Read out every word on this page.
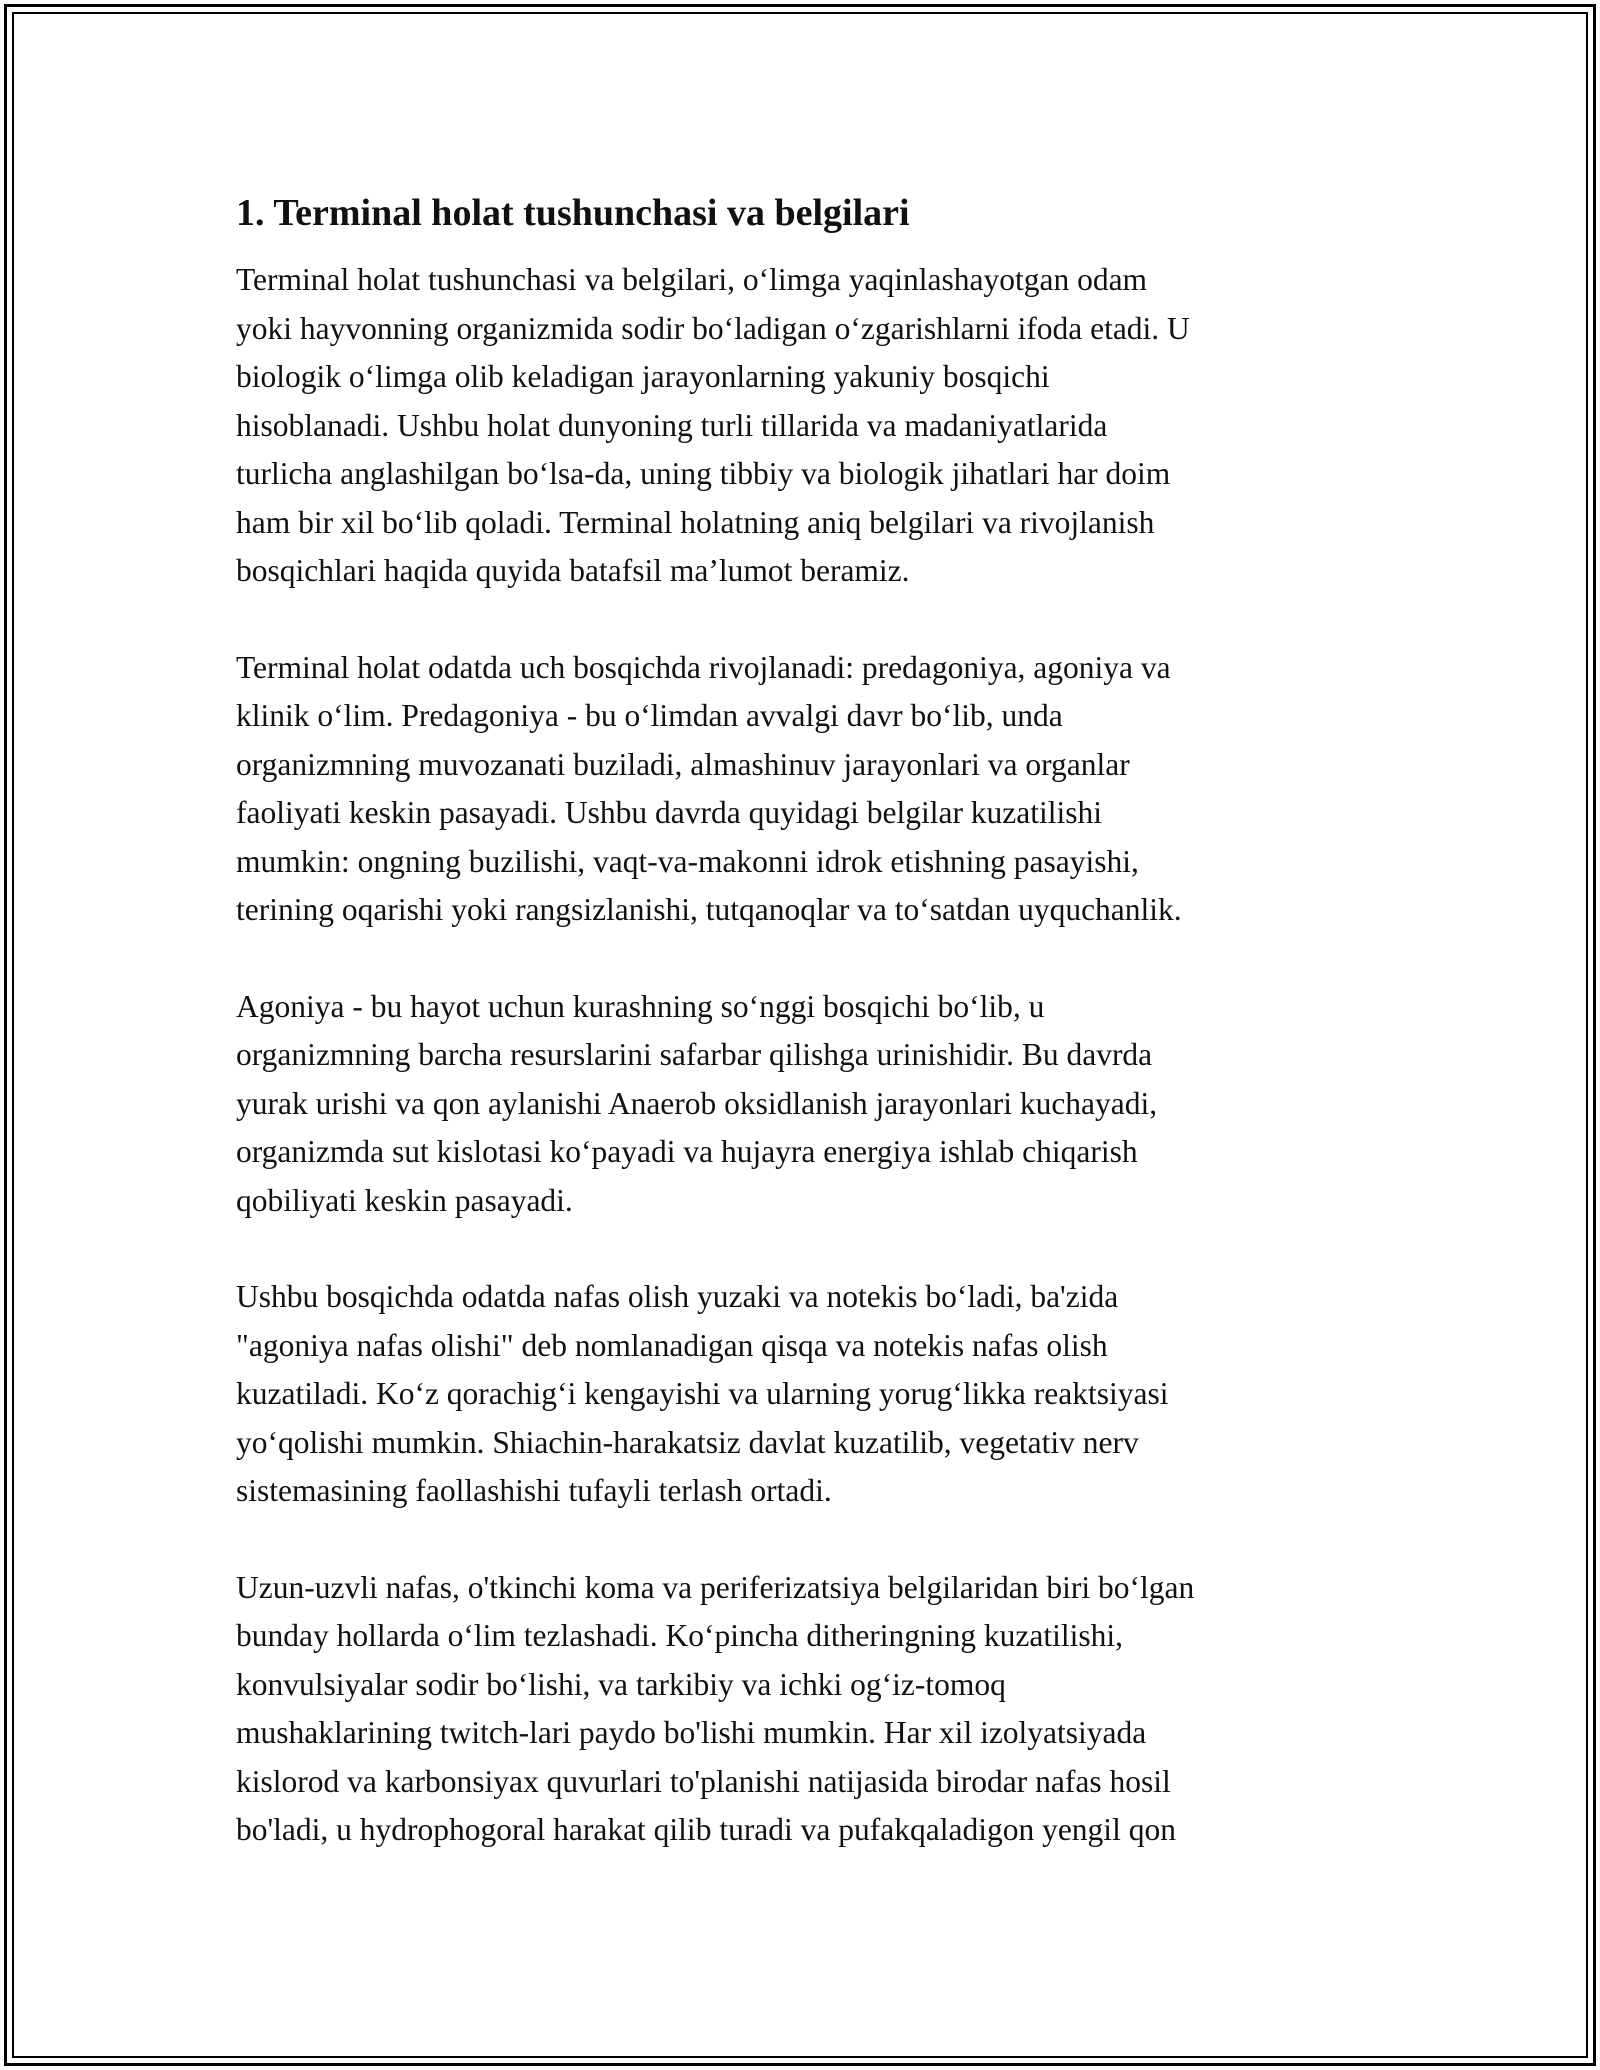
1. Terminal holat tushunchasi va belgilari
Terminal holat tushunchasi va belgilari, oʻlimga yaqinlashayotgan odam
yoki hayvonning organizmida sodir boʻladigan oʻzgarishlarni ifoda etadi. U
biologik oʻlimga olib keladigan jarayonlarning yakuniy bosqichi
hisoblanadi. Ushbu holat dunyoning turli tillarida va madaniyatlarida
turlicha anglashilgan boʻlsa-da, uning tibbiy va biologik jihatlari har doim
ham bir xil boʻlib qoladi. Terminal holatning aniq belgilari va rivojlanish
bosqichlari haqida quyida batafsil maʼlumot beramiz.
Terminal holat odatda uch bosqichda rivojlanadi: predagoniya, agoniya va
klinik oʻlim. Predagoniya - bu oʻlimdan avvalgi davr boʻlib, unda
organizmning muvozanati buziladi, almashinuv jarayonlari va organlar
faoliyati keskin pasayadi. Ushbu davrda quyidagi belgilar kuzatilishi
mumkin: ongning buzilishi, vaqt-va-makonni idrok etishning pasayishi,
terining oqarishi yoki rangsizlanishi, tutqanoqlar va toʻsatdan uyquchanlik.
Agoniya - bu hayot uchun kurashning soʻnggi bosqichi boʻlib, u
organizmning barcha resurslarini safarbar qilishga urinishidir. Bu davrda
yurak urishi va qon aylanishi Anaerob oksidlanish jarayonlari kuchayadi,
organizmda sut kislotasi koʻpayadi va hujayra energiya ishlab chiqarish
qobiliyati keskin pasayadi.
Ushbu bosqichda odatda nafas olish yuzaki va notekis boʻladi, ba'zida
"agoniya nafas olishi" deb nomlanadigan qisqa va notekis nafas olish
kuzatiladi. Koʻz qorachigʻi kengayishi va ularning yorugʻlikka reaktsiyasi
yoʻqolishi mumkin. Shiachin-harakatsiz davlat kuzatilib, vegetativ nerv
sistemasining faollashishi tufayli terlash ortadi.
Uzun-uzvli nafas, o'tkinchi koma va periferizatsiya belgilaridan biri boʻlgan
bunday hollarda oʻlim tezlashadi. Koʻpincha ditheringning kuzatilishi,
konvulsiyalar sodir boʻlishi, va tarkibiy va ichki ogʻiz-tomoq
mushaklarining twitch-lari paydo bo'lishi mumkin. Har xil izolyatsiyada
kislorod va karbonsiyax quvurlari to'planishi natijasida birodar nafas hosil
bo'ladi, u hydrophogoral harakat qilib turadi va pufakqaladigon yengil qon
